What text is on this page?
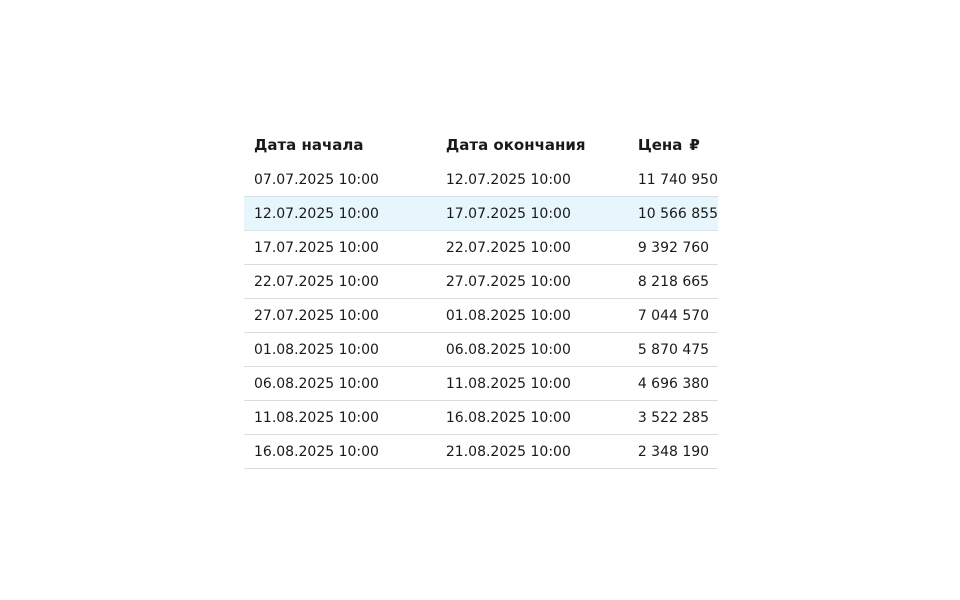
Дата начала	Дата окончания	Цена ₽
07.07.2025 10:00	12.07.2025 10:00	11 740 950
12.07.2025 10:00	17.07.2025 10:00	10 566 855
17.07.2025 10:00	22.07.2025 10:00	9 392 760
22.07.2025 10:00	27.07.2025 10:00	8 218 665
27.07.2025 10:00	01.08.2025 10:00	7 044 570
01.08.2025 10:00	06.08.2025 10:00	5 870 475
06.08.2025 10:00	11.08.2025 10:00	4 696 380
11.08.2025 10:00	16.08.2025 10:00	3 522 285
16.08.2025 10:00	21.08.2025 10:00	2 348 190
